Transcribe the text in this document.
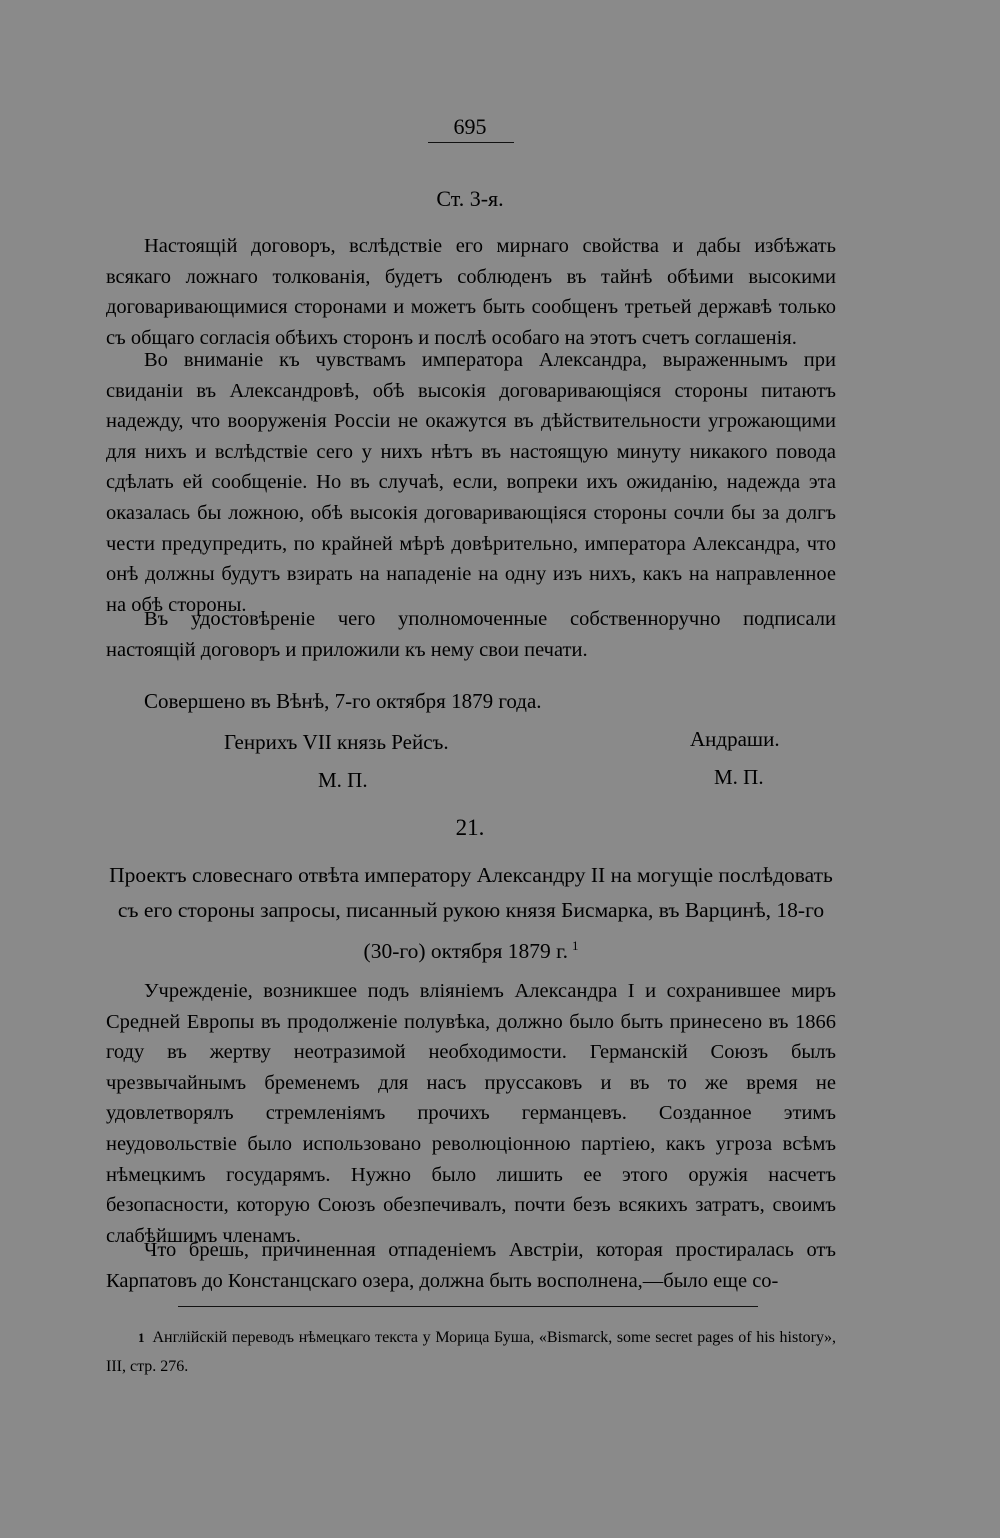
695
Ст. 3-я.

Настоящій договоръ, вслѣдствіе его мирнаго свойства и дабы избѣжать всякаго ложнаго толкованія, будетъ соблюденъ въ тайнѣ обѣими высокими договаривающимися сторонами и можетъ быть сообщенъ третьей державѣ только съ общаго согласія обѣихъ сторонъ и послѣ особаго на этотъ счетъ соглашенія.

Во вниманіе къ чувствамъ императора Александра, выраженнымъ при свиданіи въ Александровѣ, обѣ высокія договаривающіяся стороны питаютъ надежду, что вооруженія Россіи не окажутся въ дѣйствительности угрожающими для нихъ и вслѣдствіе сего у нихъ нѣтъ въ настоящую минуту никакого повода сдѣлать ей сообщеніе. Но въ случаѣ, если, вопреки ихъ ожиданію, надежда эта оказалась бы ложною, обѣ высокія договаривающіяся стороны сочли бы за долгъ чести предупредить, по крайней мѣрѣ довѣрительно, императора Александра, что онѣ должны будутъ взирать на нападеніе на одну изъ нихъ, какъ на направленное на обѣ стороны.

Въ удостовѣреніе чего уполномоченные собственноручно подписали настоящій договоръ и приложили къ нему свои печати.

Совершено въ Вѣнѣ, 7-го октября 1879 года.
Генрихъ VII князь Рейсъ.
М. П.
Андраши.
М. П.
21.
Проектъ словеснаго отвѣта императору Александру II на могущіе послѣдовать съ его стороны запросы, писанный рукою князя Бисмарка, въ Варцинѣ, 18-го (30-го) октября 1879 г. $^1$

Учрежденіе, возникшее подъ вліяніемъ Александра I и сохранившее миръ Средней Европы въ продолженіе полувѣка, должно было быть принесено въ 1866 году въ жертву неотразимой необходимости. Германскій Союзъ былъ чрезвычайнымъ бременемъ для насъ пруссаковъ и въ то же время не удовлетворялъ стремленіямъ прочихъ германцевъ. Созданное этимъ неудовольствіе было использовано революціонною партіею, какъ угроза всѣмъ нѣмецкимъ государямъ. Нужно было лишить ее этого оружія насчетъ безопасности, которую Союзъ обезпечивалъ, почти безъ всякихъ затратъ, своимъ слабѣйшимъ членамъ.

Что брешь, причиненная отпаденіемъ Австріи, которая простиралась отъ Карпатовъ до Констанцскаго озера, должна быть восполнена,—было еще со-

1 Англійскій переводъ нѣмецкаго текста у Морица Буша, «Bismarck, some secret pages of his history», III, стр. 276.
